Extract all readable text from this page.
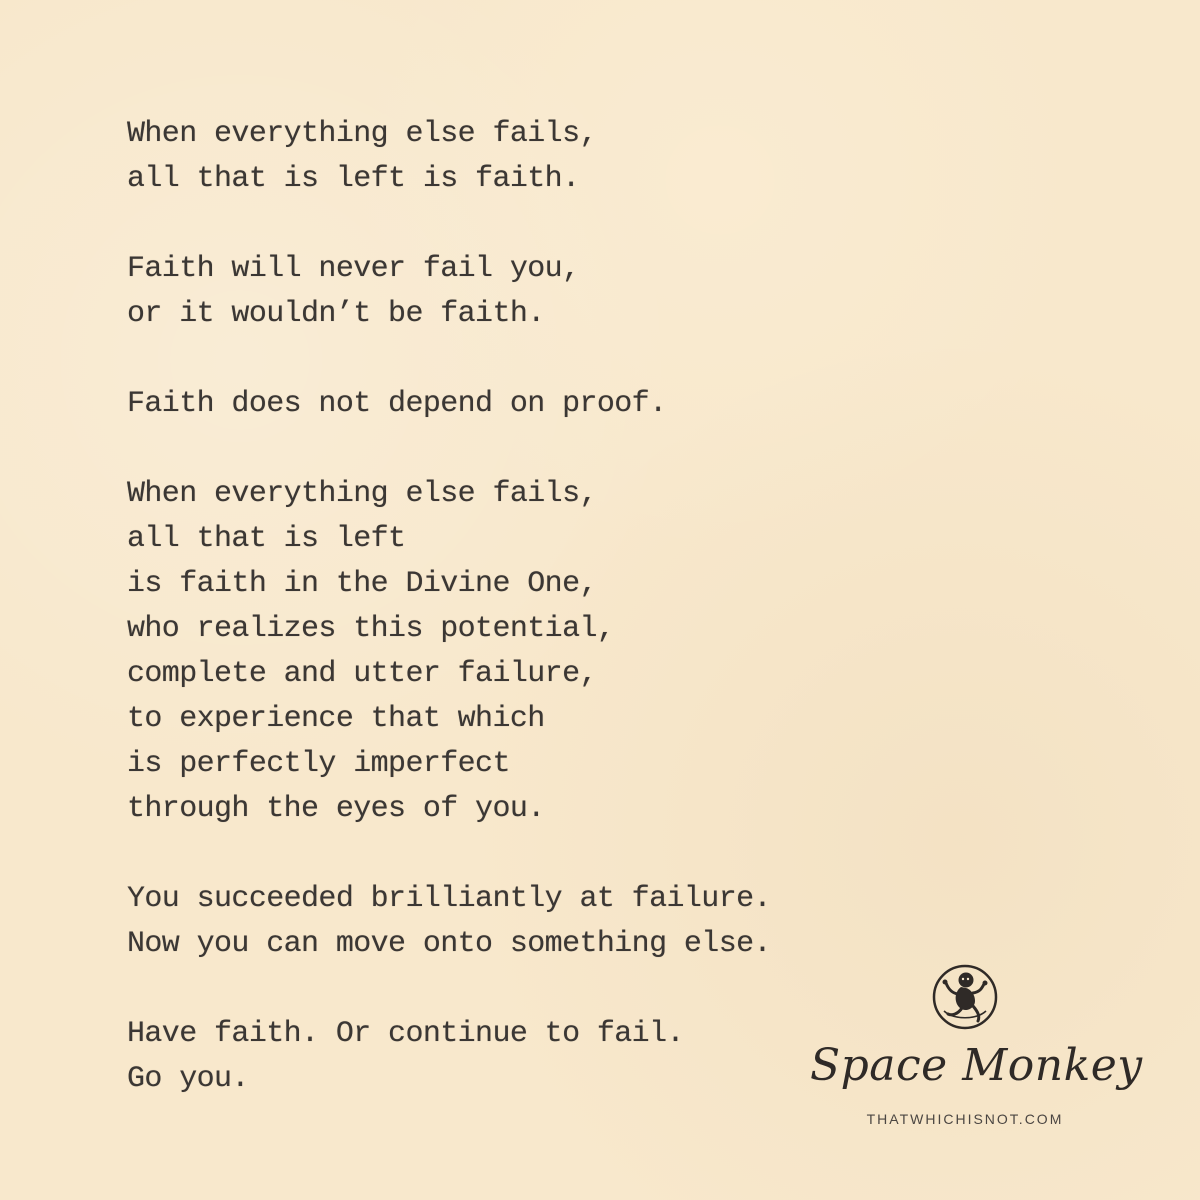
When everything else fails,
all that is left is faith.
Faith will never fail you,
or it wouldn’t be faith.
Faith does not depend on proof.
When everything else fails,
all that is left
is faith in the Divine One,
who realizes this potential,
complete and utter failure,
to experience that which
is perfectly imperfect
through the eyes of you.
You succeeded brilliantly at failure.
Now you can move onto something else.
Have faith. Or continue to fail.
Go you.	Space Monkey
THATWHICHISNOT.COM
